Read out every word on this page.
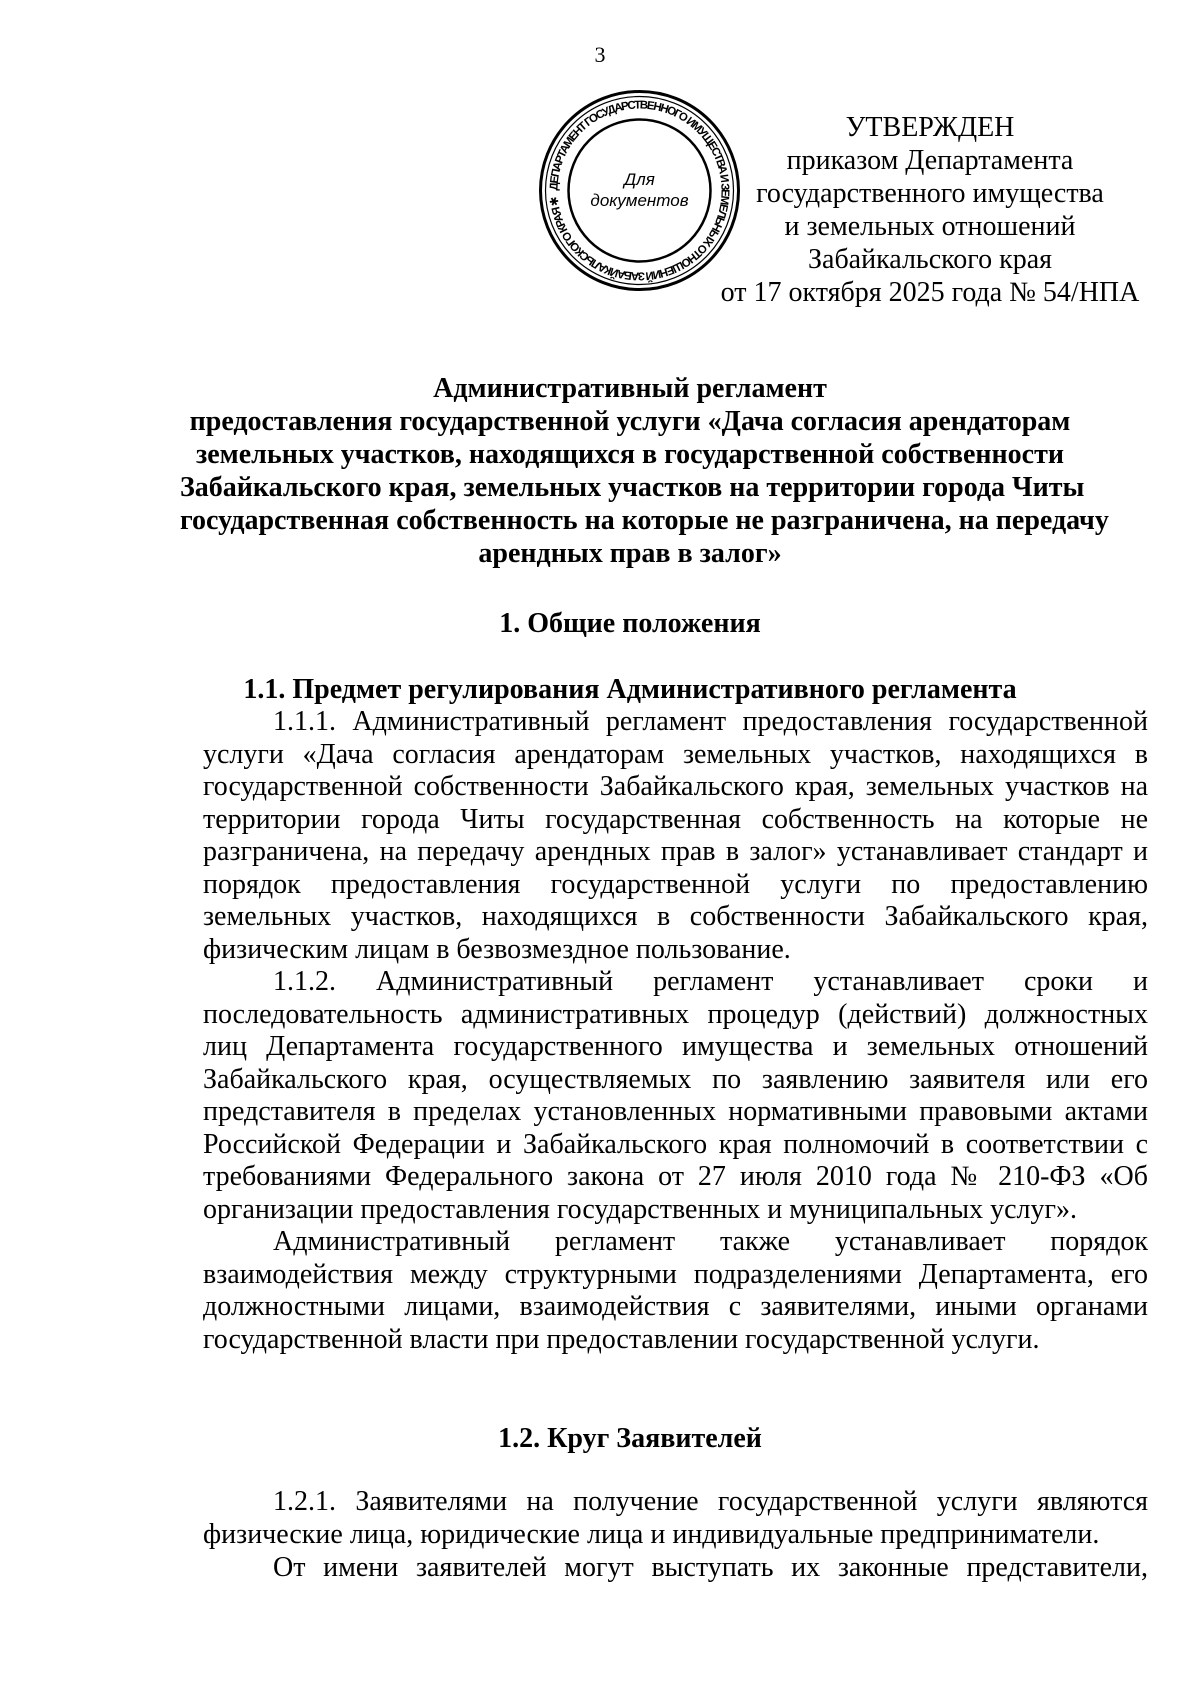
3
ДЕПАРТАМЕНТ ГОСУДАРСТВЕННОГО ИМУЩЕСТВА И ЗЕМЕЛЬНЫХ ОТНОШЕНИЙ ЗАБАЙКАЛЬСКОГО КРАЯ ✱
Для
документов
УТВЕРЖДЕН
приказом Департамента
государственного имущества
и земельных отношений
Забайкальского края
от 17 октября 2025 года № 54/НПА
Административный регламент
предоставления государственной услуги «Дача согласия арендаторам
земельных участков, находящихся в государственной собственности
Забайкальского края, земельных участков на территории города Читы
государственная собственность на которые не разграничена, на передачу
арендных прав в залог»
1. Общие положения
1.1. Предмет регулирования Административного регламента
1.1.1. Административный регламент предоставления государственной
услуги «Дача согласия арендаторам земельных участков, находящихся в
государственной собственности Забайкальского края, земельных участков на
территории города Читы государственная собственность на которые не
разграничена, на передачу арендных прав в залог» устанавливает стандарт и
порядок предоставления государственной услуги по предоставлению
земельных участков, находящихся в собственности Забайкальского края,
физическим лицам в безвозмездное пользование.
1.1.2. Административный регламент устанавливает сроки и
последовательность административных процедур (действий) должностных
лиц Департамента государственного имущества и земельных отношений
Забайкальского края, осуществляемых по заявлению заявителя или его
представителя в пределах установленных нормативными правовыми актами
Российской Федерации и Забайкальского края полномочий в соответствии с
требованиями Федерального закона от 27 июля 2010 года № 210-ФЗ «Об
организации предоставления государственных и муниципальных услуг».
Административный регламент также устанавливает порядок
взаимодействия между структурными подразделениями Департамента, его
должностными лицами, взаимодействия с заявителями, иными органами
государственной власти при предоставлении государственной услуги.
1.2. Круг Заявителей
1.2.1. Заявителями на получение государственной услуги являются
физические лица, юридические лица и индивидуальные предприниматели.
От имени заявителей могут выступать их законные представители,
